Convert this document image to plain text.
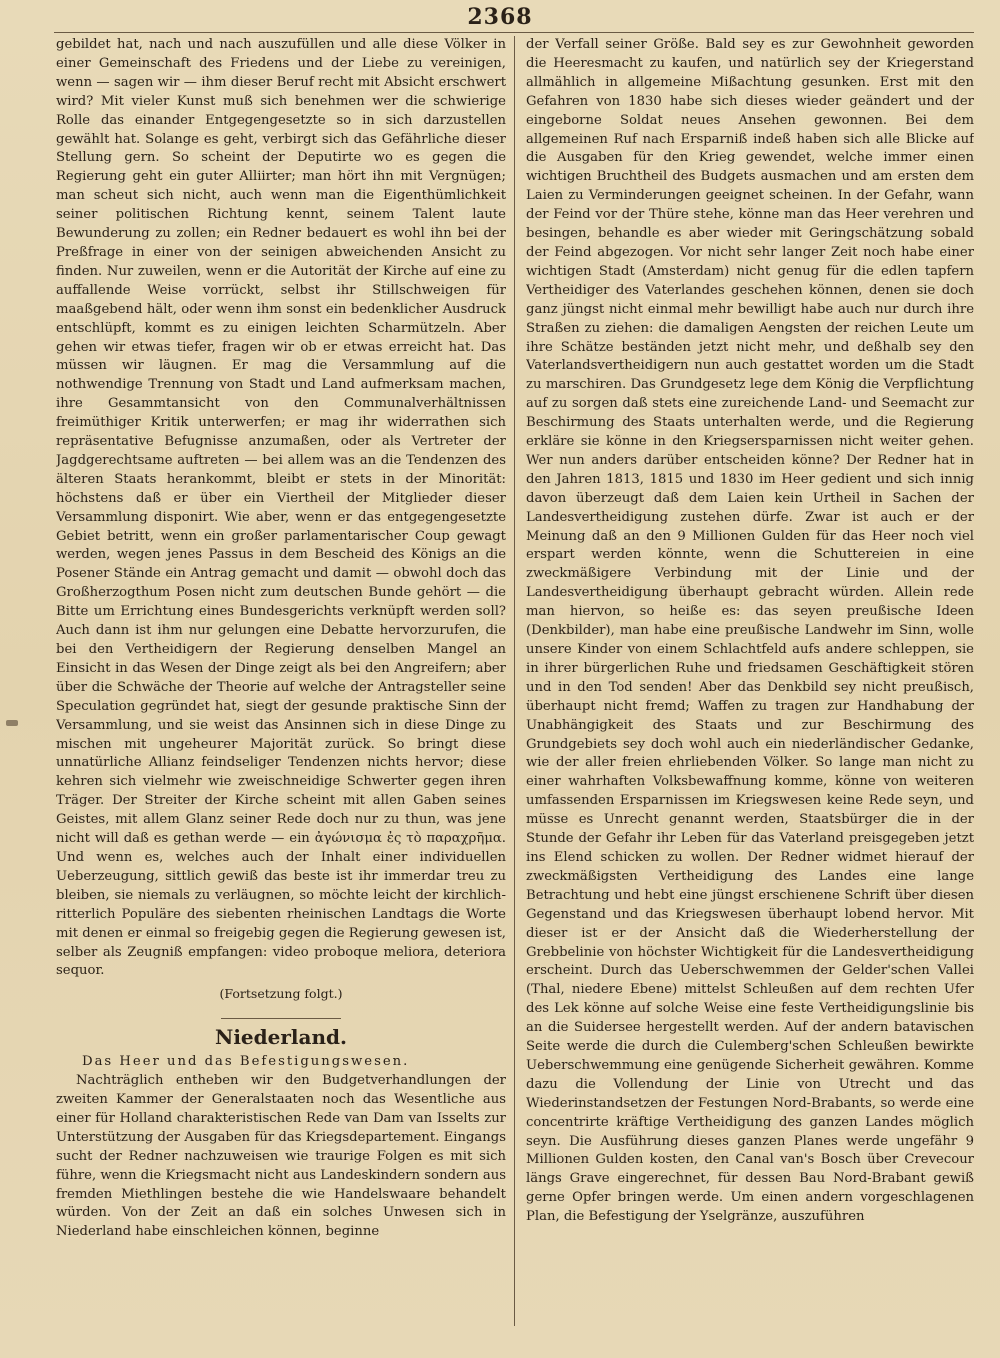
2368

gebildet hat, nach und nach auszufüllen und alle diese Völker in einer Gemeinschaft des Friedens und der Liebe zu vereinigen, wenn — sagen wir — ihm dieser Beruf recht mit Absicht erschwert wird? Mit vieler Kunst muß sich benehmen wer die schwierige Rolle das einander Entgegengesetzte so in sich darzustellen gewählt hat. Solange es geht, verbirgt sich das Gefährliche dieser Stellung gern. So scheint der Deputirte wo es gegen die Regierung geht ein guter Alliirter; man hört ihn mit Vergnügen; man scheut sich nicht, auch wenn man die Eigenthümlichkeit seiner politischen Richtung kennt, seinem Talent laute Bewunderung zu zollen; ein Redner bedauert es wohl ihn bei der Preßfrage in einer von der seinigen abweichenden Ansicht zu finden. Nur zuweilen, wenn er die Autorität der Kirche auf eine zu auffallende Weise vorrückt, selbst ihr Stillschweigen für maaßgebend hält, oder wenn ihm sonst ein bedenklicher Ausdruck entschlüpft, kommt es zu einigen leichten Scharmützeln. Aber gehen wir etwas tiefer, fragen wir ob er etwas erreicht hat. Das müssen wir läugnen. Er mag die Versammlung auf die nothwendige Trennung von Stadt und Land aufmerksam machen, ihre Gesammtansicht von den Communalverhältnissen freimüthiger Kritik unterwerfen; er mag ihr widerrathen sich repräsentative Befugnisse anzumaßen, oder als Vertreter der Jagdgerechtsame auftreten — bei allem was an die Tendenzen des älteren Staats herankommt, bleibt er stets in der Minorität: höchstens daß er über ein Viertheil der Mitglieder dieser Versammlung disponirt. Wie aber, wenn er das entgegengesetzte Gebiet betritt, wenn ein großer parlamentarischer Coup gewagt werden, wegen jenes Passus in dem Bescheid des Königs an die Posener Stände ein Antrag gemacht und damit — obwohl doch das Großherzogthum Posen nicht zum deutschen Bunde gehört — die Bitte um Errichtung eines Bundesgerichts verknüpft werden soll? Auch dann ist ihm nur gelungen eine Debatte hervorzurufen, die bei den Vertheidigern der Regierung denselben Mangel an Einsicht in das Wesen der Dinge zeigt als bei den Angreifern; aber über die Schwäche der Theorie auf welche der Antragsteller seine Speculation gegründet hat, siegt der gesunde praktische Sinn der Versammlung, und sie weist das Ansinnen sich in diese Dinge zu mischen mit ungeheurer Majorität zurück. So bringt diese unnatürliche Allianz feindseliger Tendenzen nichts hervor; diese kehren sich vielmehr wie zweischneidige Schwerter gegen ihren Träger. Der Streiter der Kirche scheint mit allen Gaben seines Geistes, mit allem Glanz seiner Rede doch nur zu thun, was jene nicht will daß es gethan werde — ein ἀγώνισμα ἐς τὸ παραχρῆμα. Und wenn es, welches auch der Inhalt einer individuellen Ueberzeugung, sittlich gewiß das beste ist ihr immerdar treu zu bleiben, sie niemals zu verläugnen, so möchte leicht der kirchlich-ritterlich Populäre des siebenten rheinischen Landtags die Worte mit denen er einmal so freigebig gegen die Regierung gewesen ist, selber als Zeugniß empfangen: video proboque meliora, deteriora sequor.

(Fortsetzung folgt.)

Niederland.

Das Heer und das Befestigungswesen.

Nachträglich entheben wir den Budgetverhandlungen der zweiten Kammer der Generalstaaten noch das Wesentliche aus einer für Holland charakteristischen Rede van Dam van Isselts zur Unterstützung der Ausgaben für das Kriegsdepartement. Eingangs sucht der Redner nachzuweisen wie traurige Folgen es mit sich führe, wenn die Kriegsmacht nicht aus Landeskindern sondern aus fremden Miethlingen bestehe die wie Handelswaare behandelt würden. Von der Zeit an daß ein solches Unwesen sich in Niederland habe einschleichen können, beginne

der Verfall seiner Größe. Bald sey es zur Gewohnheit geworden die Heeresmacht zu kaufen, und natürlich sey der Kriegerstand allmählich in allgemeine Mißachtung gesunken. Erst mit den Gefahren von 1830 habe sich dieses wieder geändert und der eingeborne Soldat neues Ansehen gewonnen. Bei dem allgemeinen Ruf nach Ersparniß indeß haben sich alle Blicke auf die Ausgaben für den Krieg gewendet, welche immer einen wichtigen Bruchtheil des Budgets ausmachen und am ersten dem Laien zu Verminderungen geeignet scheinen. In der Gefahr, wann der Feind vor der Thüre stehe, könne man das Heer verehren und besingen, behandle es aber wieder mit Geringschätzung sobald der Feind abgezogen. Vor nicht sehr langer Zeit noch habe einer wichtigen Stadt (Amsterdam) nicht genug für die edlen tapfern Vertheidiger des Vaterlandes geschehen können, denen sie doch ganz jüngst nicht einmal mehr bewilligt habe auch nur durch ihre Straßen zu ziehen: die damaligen Aengsten der reichen Leute um ihre Schätze beständen jetzt nicht mehr, und deßhalb sey den Vaterlandsvertheidigern nun auch gestattet worden um die Stadt zu marschiren. Das Grundgesetz lege dem König die Verpflichtung auf zu sorgen daß stets eine zureichende Land- und Seemacht zur Beschirmung des Staats unterhalten werde, und die Regierung erkläre sie könne in den Kriegsersparnissen nicht weiter gehen. Wer nun anders darüber entscheiden könne? Der Redner hat in den Jahren 1813, 1815 und 1830 im Heer gedient und sich innig davon überzeugt daß dem Laien kein Urtheil in Sachen der Landesvertheidigung zustehen dürfe. Zwar ist auch er der Meinung daß an den 9 Millionen Gulden für das Heer noch viel erspart werden könnte, wenn die Schuttereien in eine zweckmäßigere Verbindung mit der Linie und der Landesvertheidigung überhaupt gebracht würden. Allein rede man hiervon, so heiße es: das seyen preußische Ideen (Denkbilder), man habe eine preußische Landwehr im Sinn, wolle unsere Kinder von einem Schlachtfeld aufs andere schleppen, sie in ihrer bürgerlichen Ruhe und friedsamen Geschäftigkeit stören und in den Tod senden! Aber das Denkbild sey nicht preußisch, überhaupt nicht fremd; Waffen zu tragen zur Handhabung der Unabhängigkeit des Staats und zur Beschirmung des Grundgebiets sey doch wohl auch ein niederländischer Gedanke, wie der aller freien ehrliebenden Völker. So lange man nicht zu einer wahrhaften Volksbewaffnung komme, könne von weiteren umfassenden Ersparnissen im Kriegswesen keine Rede seyn, und müsse es Unrecht genannt werden, Staatsbürger die in der Stunde der Gefahr ihr Leben für das Vaterland preisgegeben jetzt ins Elend schicken zu wollen. Der Redner widmet hierauf der zweckmäßigsten Vertheidigung des Landes eine lange Betrachtung und hebt eine jüngst erschienene Schrift über diesen Gegenstand und das Kriegswesen überhaupt lobend hervor. Mit dieser ist er der Ansicht daß die Wiederherstellung der Grebbelinie von höchster Wichtigkeit für die Landesvertheidigung erscheint. Durch das Ueberschwemmen der Gelder'schen Vallei (Thal, niedere Ebene) mittelst Schleußen auf dem rechten Ufer des Lek könne auf solche Weise eine feste Vertheidigungslinie bis an die Suidersee hergestellt werden. Auf der andern batavischen Seite werde die durch die Culemberg'schen Schleußen bewirkte Ueberschwemmung eine genügende Sicherheit gewähren. Komme dazu die Vollendung der Linie von Utrecht und das Wiederinstandsetzen der Festungen Nord-Brabants, so werde eine concentrirte kräftige Vertheidigung des ganzen Landes möglich seyn. Die Ausführung dieses ganzen Planes werde ungefähr 9 Millionen Gulden kosten, den Canal van's Bosch über Crevecour längs Grave eingerechnet, für dessen Bau Nord-Brabant gewiß gerne Opfer bringen werde. Um einen andern vorgeschlagenen Plan, die Befestigung der Yselgränze, auszuführen
